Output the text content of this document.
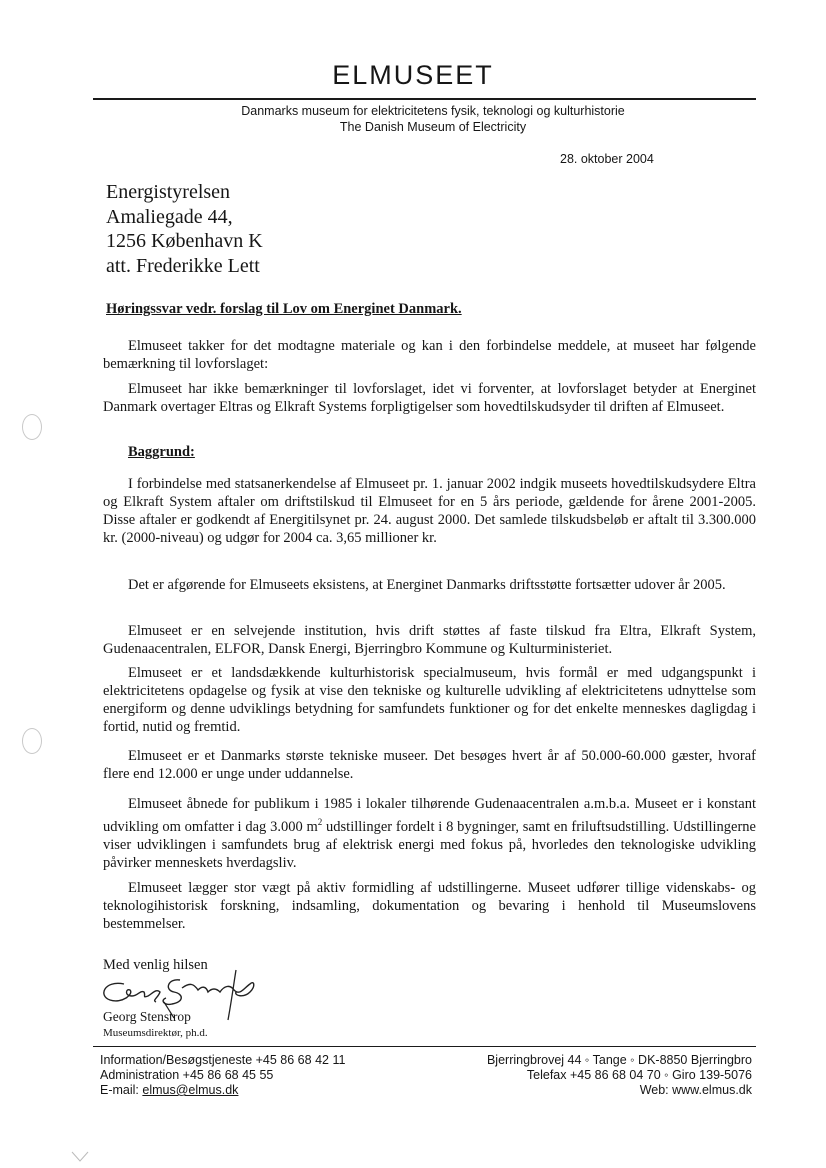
ELMUSEET
Danmarks museum for elektricitetens fysik, teknologi og kulturhistorie
The Danish Museum of Electricity
28. oktober 2004
Energistyrelsen
Amaliegade 44,
1256 København K
att. Frederikke Lett
Høringssvar vedr. forslag til Lov om Energinet Danmark.
Elmuseet takker for det modtagne materiale og kan i den forbindelse meddele, at museet har følgende bemærkning til lovforslaget:
Elmuseet har ikke bemærkninger til lovforslaget, idet vi forventer, at lovforslaget betyder at Energinet Danmark overtager Eltras og Elkraft Systems forpligtigelser som hovedtilskudsyder til driften af Elmuseet.
Baggrund:
I forbindelse med statsanerkendelse af Elmuseet pr. 1. januar 2002 indgik museets hovedtilskudsydere Eltra og Elkraft System aftaler om driftstilskud til Elmuseet for en 5 års periode, gældende for årene 2001-2005. Disse aftaler er godkendt af Energitilsynet pr. 24. august 2000. Det samlede tilskudsbeløb er aftalt til 3.300.000 kr. (2000-niveau) og udgør for 2004 ca. 3,65 millioner kr.
Det er afgørende for Elmuseets eksistens, at Energinet Danmarks driftsstøtte fortsætter udover år 2005.
Elmuseet er en selvejende institution, hvis drift støttes af faste tilskud fra Eltra, Elkraft System, Gudenaacentralen, ELFOR, Dansk Energi, Bjerringbro Kommune og Kulturministeriet.
Elmuseet er et landsdækkende kulturhistorisk specialmuseum, hvis formål er med udgangspunkt i elektricitetens opdagelse og fysik at vise den tekniske og kulturelle udvikling af elektricitetens udnyttelse som energiform og denne udviklings betydning for samfundets funktioner og for det enkelte menneskes dagligdag i fortid, nutid og fremtid.
Elmuseet er et Danmarks største tekniske museer. Det besøges hvert år af 50.000-60.000 gæster, hvoraf flere end 12.000 er unge under uddannelse.
Elmuseet åbnede for publikum i 1985 i lokaler tilhørende Gudenaacentralen a.m.b.a. Museet er i konstant udvikling om omfatter i dag 3.000 $m^2$ udstillinger fordelt i 8 bygninger, samt en friluftsudstilling. Udstillingerne viser udviklingen i samfundets brug af elektrisk energi med fokus på, hvorledes den teknologiske udvikling påvirker menneskets hverdagsliv.
Elmuseet lægger stor vægt på aktiv formidling af udstillingerne. Museet udfører tillige videnskabs- og teknologihistorisk forskning, indsamling, dokumentation og bevaring i henhold til Museumslovens bestemmelser.
Med venlig hilsen
Georg Stenstrop
Museumsdirektør, ph.d.
Information/Besøgstjeneste +45 86 68 42 11
Administration +45 86 68 45 55
E-mail: elmus@elmus.dk
Bjerringbrovej 44 ◦ Tange ◦ DK-8850 Bjerringbro
Telefax +45 86 68 04 70 ◦ Giro 139-5076
Web: www.elmus.dk
